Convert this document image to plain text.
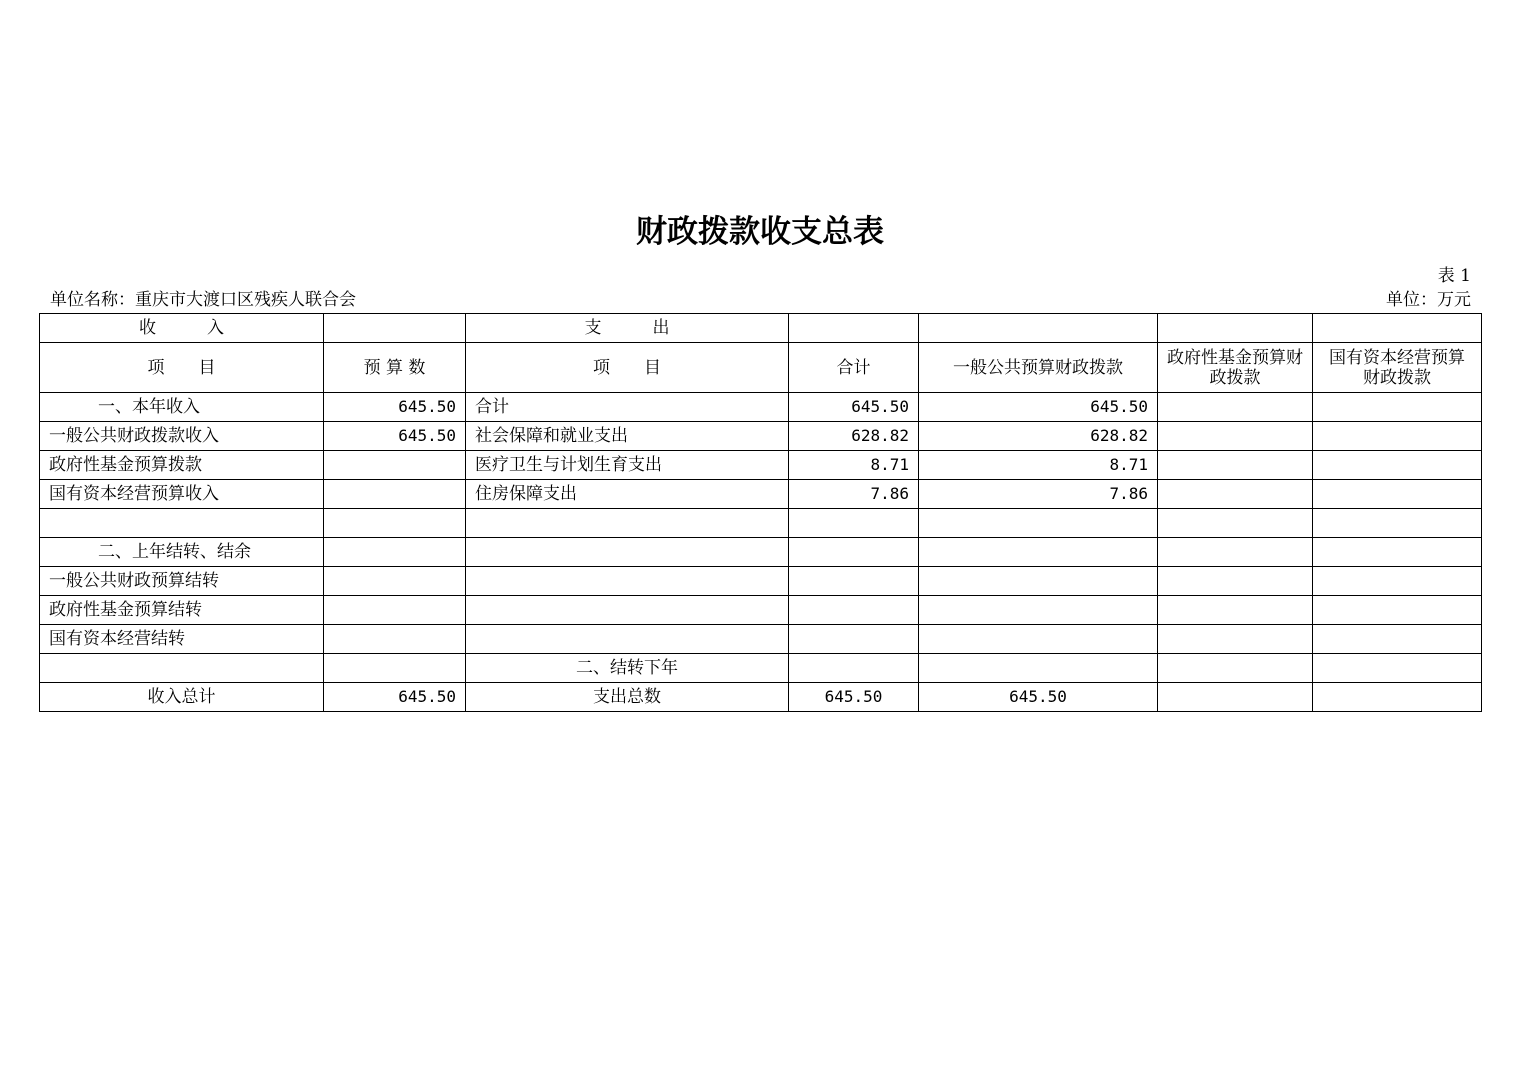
财政拨款收支总表
表 1
单位名称：重庆市大渡口区残疾人联合会	单位：万元
收　　　入		支　　　出				
项　　目	预 算 数	项　　目	合计	一般公共预算财政拨款	政府性基金预算财政拨款	国有资本经营预算财政拨款
一、本年收入	645.50	合计	645.50	645.50		
一般公共财政拨款收入	645.50	社会保障和就业支出	628.82	628.82		
政府性基金预算拨款		医疗卫生与计划生育支出	8.71	8.71		
国有资本经营预算收入		住房保障支出	7.86	7.86		

二、上年结转、结余						
一般公共财政预算结转						
政府性基金预算结转						
国有资本经营结转						
		二、结转下年				
收入总计	645.50	支出总数	645.50	645.50		
